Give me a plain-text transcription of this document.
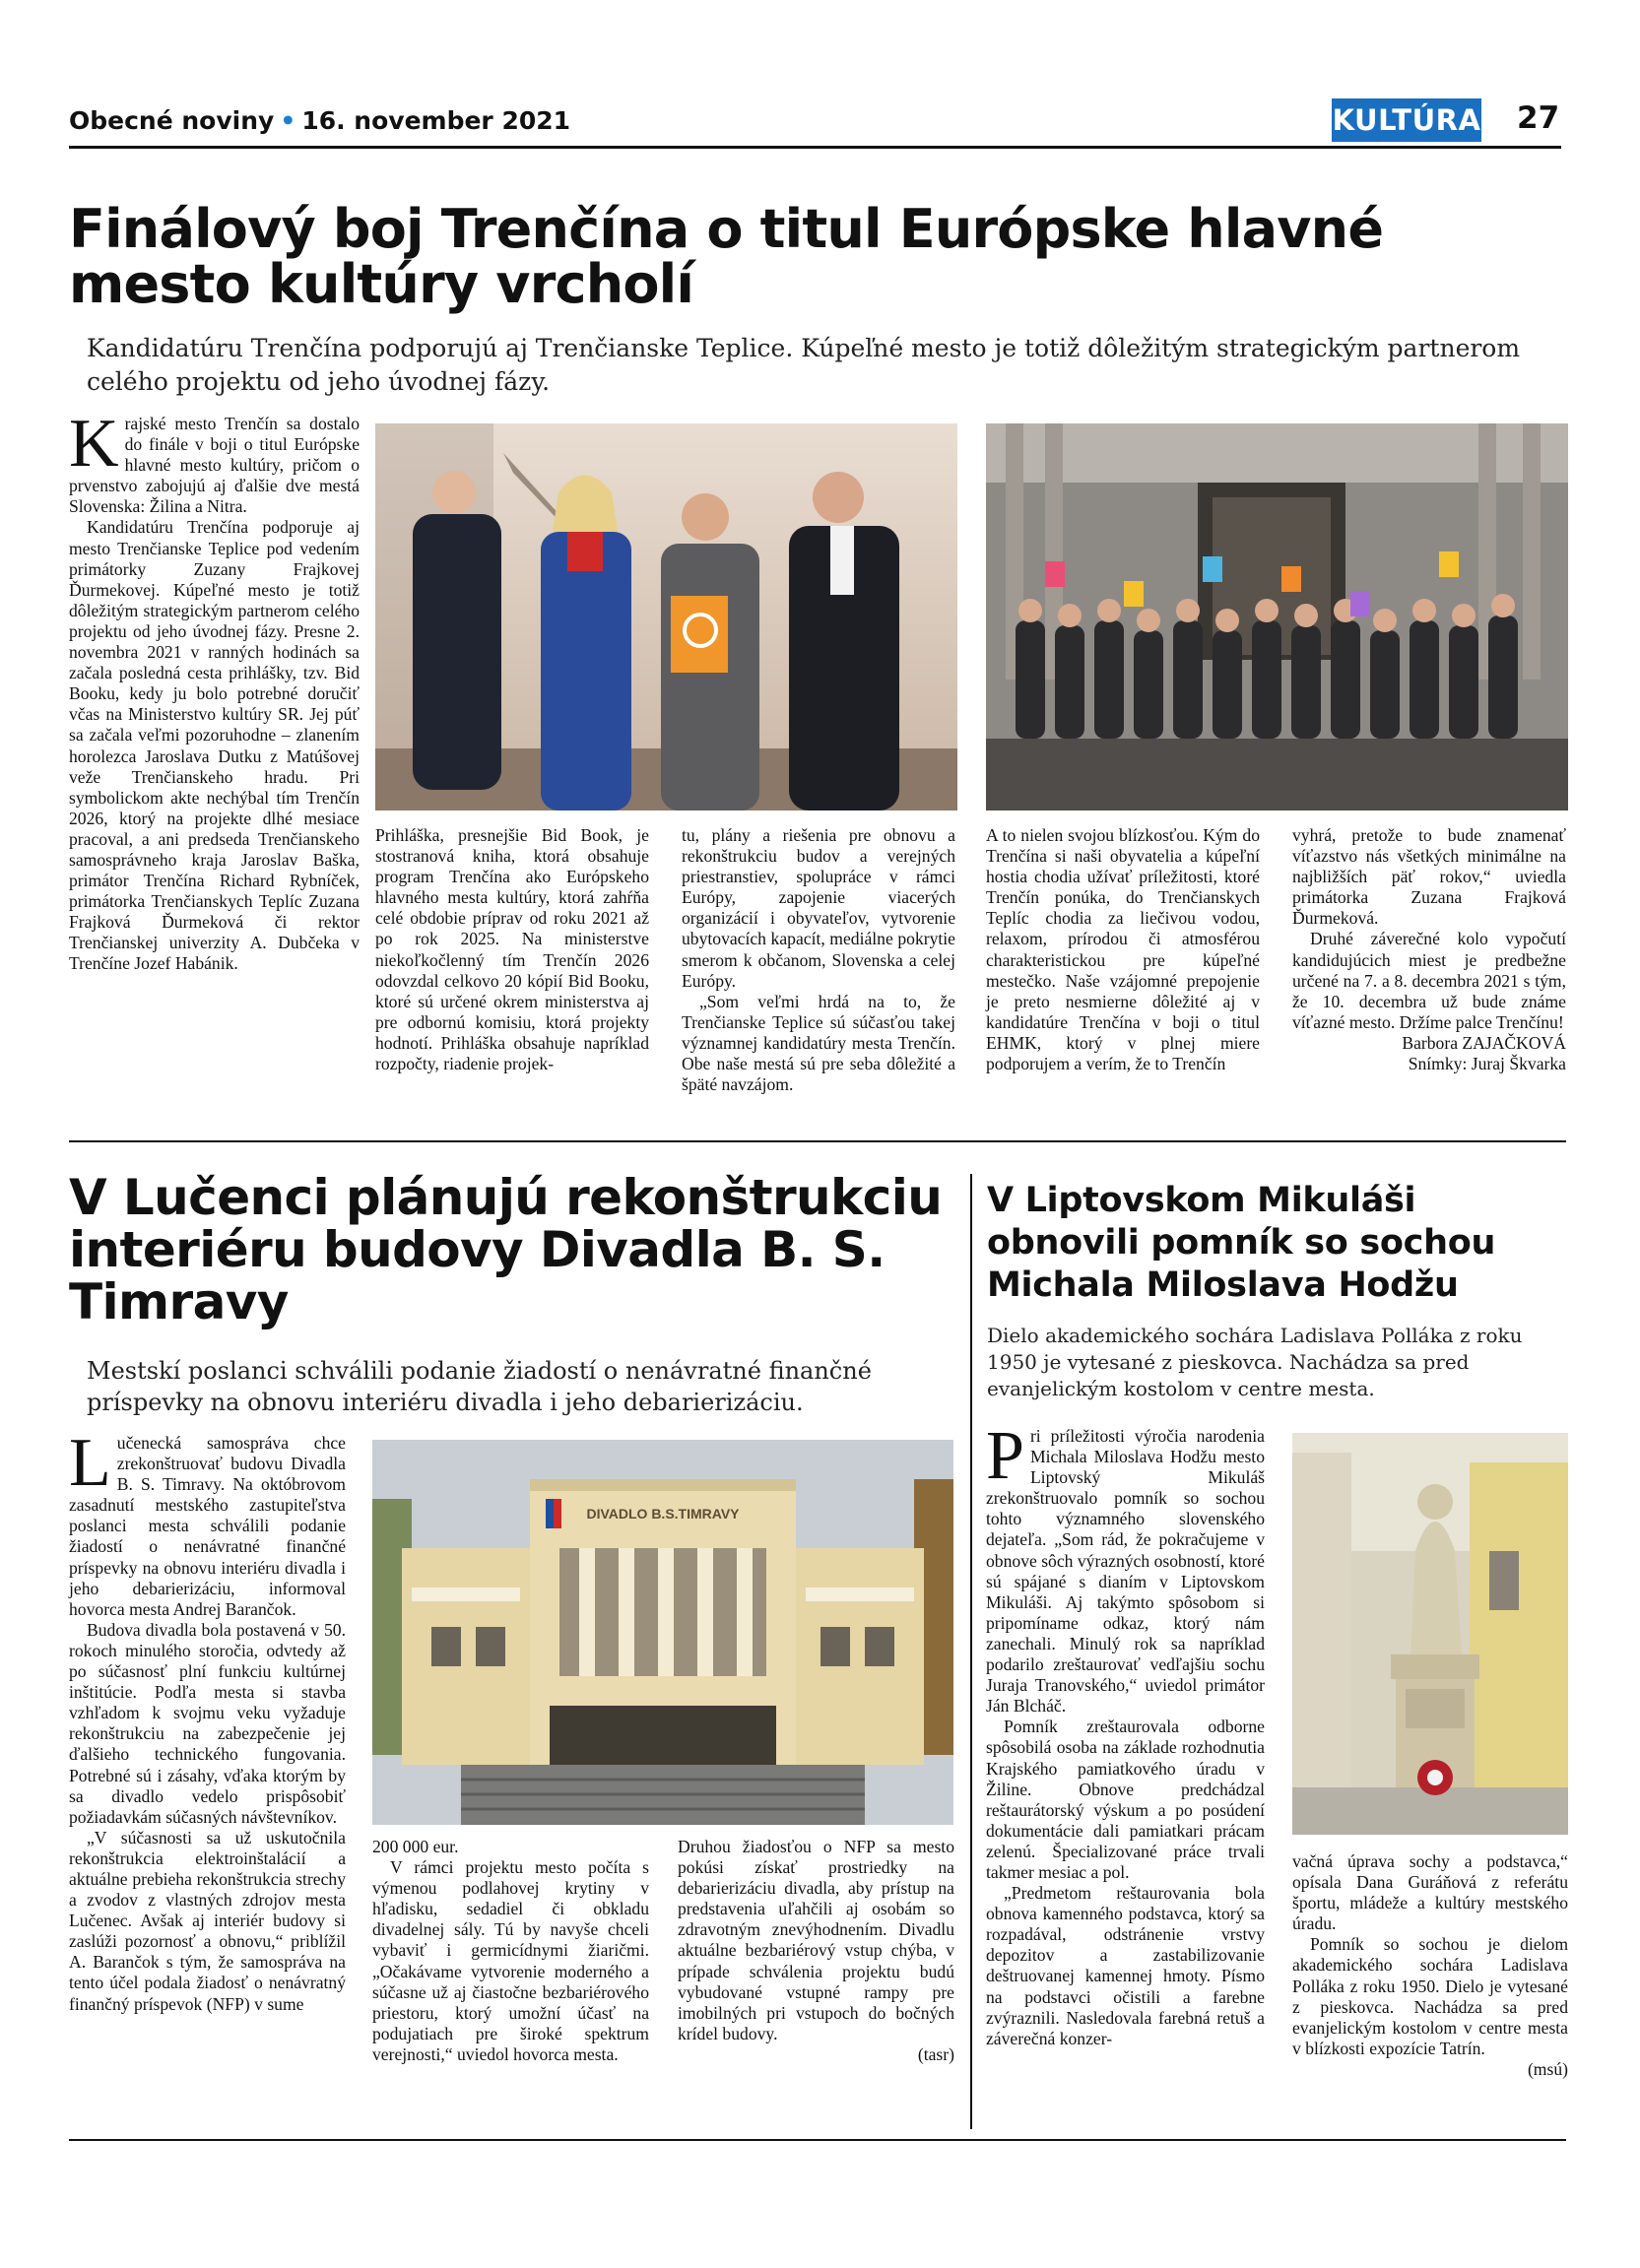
Obecné noviny • 16. november 2021	KULTÚRA 27
Finálový boj Trenčína o titul Európske hlavné mesto kultúry vrcholí
Kandidatúru Trenčína podporujú aj Trenčianske Teplice. Kúpeľné mesto je totiž dôležitým strategickým partnerom celého projektu od jeho úvodnej fázy.
K rajské mesto Trenčín sa dostalo do finále v boji o titul Európske hlavné mesto kultúry, pričom o prvenstvo zabojujú aj ďalšie dve mestá Slovenska: Žilina a Nitra.

Kandidatúru Trenčína podporuje aj mesto Trenčianske Teplice pod vedením primátorky Zuzany Frajkovej Ďurmekovej. Kúpeľné mesto je totiž dôležitým strategickým partnerom celého projektu od jeho úvodnej fázy. Presne 2. novembra 2021 v ranných hodinách sa začala posledná cesta prihlášky, tzv. Bid Booku, kedy ju bolo potrebné doručiť včas na Ministerstvo kultúry SR. Jej púť sa začala veľmi pozoruhodne – zlanením horolezca Jaroslava Dutku z Matúšovej veže Trenčianskeho hradu. Pri symbolickom akte nechýbal tím Trenčín 2026, ktorý na projekte dlhé mesiace pracoval, a ani predseda Trenčianskeho samosprávneho kraja Jaroslav Baška, primátor Trenčína Richard Rybníček, primátorka Trenčianskych Teplíc Zuzana Frajková Ďurmeková či rektor Trenčianskej univerzity A. Dubčeka v Trenčíne Jozef Habánik.

Prihláška, presnejšie Bid Book, je stostranová kniha, ktorá obsahuje program Trenčína ako Európskeho hlavného mesta kultúry, ktorá zahŕňa celé obdobie príprav od roku 2021 až po rok 2025. Na ministerstve niekoľkočlenný tím Trenčín 2026 odovzdal celkovo 20 kópií Bid Booku, ktoré sú určené okrem ministerstva aj pre odbornú komisiu, ktorá projekty hodnotí. Prihláška obsahuje napríklad rozpočty, riadenie projek-

tu, plány a riešenia pre obnovu a rekonštrukciu budov a verejných priestranstiev, spolupráce v rámci Európy, zapojenie viacerých organizácií i obyvateľov, vytvorenie ubytovacích kapacít, mediálne pokrytie smerom k občanom, Slovenska a celej Európy.

„Som veľmi hrdá na to, že Trenčianske Teplice sú súčasťou takej významnej kandidatúry mesta Trenčín. Obe naše mestá sú pre seba dôležité a špäté navzájom.

A to nielen svojou blízkosťou. Kým do Trenčína si naši obyvatelia a kúpeľní hostia chodia užívať príležitosti, ktoré Trenčín ponúka, do Trenčianskych Teplíc chodia za liečivou vodou, relaxom, prírodou či atmosférou charakteristickou pre kúpeľné mestečko. Naše vzájomné prepojenie je preto nesmierne dôležité aj v kandidatúre Trenčína v boji o titul EHMK, ktorý v plnej miere podporujem a verím, že to Trenčín

vyhrá, pretože to bude znamenať víťazstvo nás všetkých minimálne na najbližších päť rokov,“ uviedla primátorka Zuzana Frajková Ďurmeková.

Druhé záverečné kolo vypočutí kandidujúcich miest je predbežne určené na 7. a 8. decembra 2021 s tým, že 10. decembra už bude známe víťazné mesto. Držíme palce Trenčínu!

Barbora ZAJAČKOVÁ

Snímky: Juraj Škvarka

V Lučenci plánujú rekonštrukciu interiéru budovy Divadla B. S. Timravy
Mestskí poslanci schválili podanie žiadostí o nenávratné finančné príspevky na obnovu interiéru divadla i jeho debarierizáciu.
L učenecká samospráva chce zrekonštruovať budovu Divadla B. S. Timravy. Na októbrovom zasadnutí mestského zastupiteľstva poslanci mesta schválili podanie žiadostí o nenávratné finančné príspevky na obnovu interiéru divadla i jeho debarierizáciu, informoval hovorca mesta Andrej Barančok.

Budova divadla bola postavená v 50. rokoch minulého storočia, odvtedy až po súčasnosť plní funkciu kultúrnej inštitúcie. Podľa mesta si stavba vzhľadom k svojmu veku vyžaduje rekonštrukciu na zabezpečenie jej ďalšieho technického fungovania. Potrebné sú i zásahy, vďaka ktorým by sa divadlo vedelo prispôsobiť požiadavkám súčasných návštevníkov.

„V súčasnosti sa už uskutočnila rekonštrukcia elektroinštalácií a aktuálne prebieha rekonštrukcia strechy a zvodov z vlastných zdrojov mesta Lučenec. Avšak aj interiér budovy si zaslúži pozornosť a obnovu,“ priblížil A. Barančok s tým, že samospráva na tento účel podala žiadosť o nenávratný finančný príspevok (NFP) v sume

DIVADLO B.S.TIMRAVY

200 000 eur.

V rámci projektu mesto počíta s výmenou podlahovej krytiny v hľadisku, sedadiel či obkladu divadelnej sály. Tú by navyše chceli vybaviť i germicídnymi žiaričmi. „Očakávame vytvorenie moderného a súčasne už aj čiastočne bezbariérového priestoru, ktorý umožní účasť na podujatiach pre široké spektrum verejnosti,“ uviedol hovorca mesta.

Druhou žiadosťou o NFP sa mesto pokúsi získať prostriedky na debarierizáciu divadla, aby prístup na predstavenia uľahčili aj osobám so zdravotným znevýhodnením. Divadlu aktuálne bezbariérový vstup chýba, v prípade schválenia projektu budú vybudované vstupné rampy pre imobilných pri vstupoch do bočných krídel budovy.

(tasr)

V Liptovskom Mikuláši obnovili pomník so sochou Michala Miloslava Hodžu
Dielo akademického sochára Ladislava Polláka z roku 1950 je vytesané z pieskovca. Nachádza sa pred evanjelickým kostolom v centre mesta.
P ri príležitosti výročia narodenia Michala Miloslava Hodžu mesto Liptovský Mikuláš zrekonštruovalo pomník so sochou tohto významného slovenského dejateľa. „Som rád, že pokračujeme v obnove sôch výrazných osobností, ktoré sú spájané s dianím v Liptovskom Mikuláši. Aj takýmto spôsobom si pripomíname odkaz, ktorý nám zanechali. Minulý rok sa napríklad podarilo zreštaurovať vedľajšiu sochu Juraja Tranovského,“ uviedol primátor Ján Blcháč.

Pomník zreštaurovala odborne spôsobilá osoba na základe rozhodnutia Krajského pamiatkového úradu v Žiline. Obnove predchádzal reštaurátorský výskum a po posúdení dokumentácie dali pamiatkari prácam zelenú. Špecializované práce trvali takmer mesiac a pol.

„Predmetom reštaurovania bola obnova kamenného podstavca, ktorý sa rozpadával, odstránenie vrstvy depozitov a zastabilizovanie deštruovanej kamennej hmoty. Písmo na podstavci očistili a farebne zvýraznili. Nasledovala farebná retuš a záverečná konzer-

vačná úprava sochy a podstavca,“ opísala Dana Guráňová z referátu športu, mládeže a kultúry mestského úradu.

Pomník so sochou je dielom akademického sochára Ladislava Polláka z roku 1950. Dielo je vytesané z pieskovca. Nachádza sa pred evanjelickým kostolom v centre mesta v blízkosti expozície Tatrín.

(msú)
